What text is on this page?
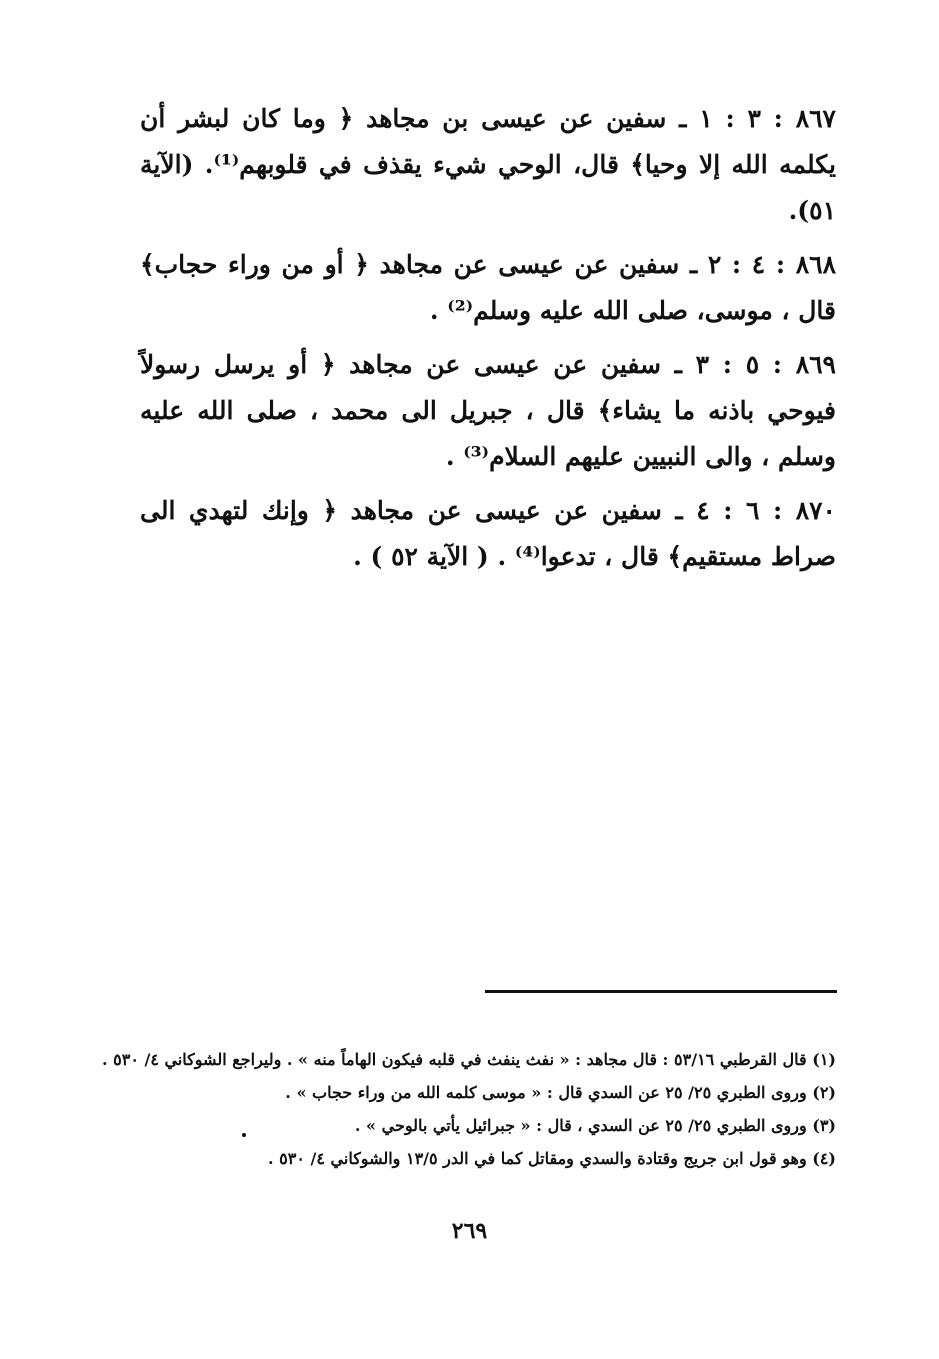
٨٦٧ : ٣ : ١ ـ سفين عن عيسى بن مجاهد ﴿ وما كان لبشر أن يكلمه الله إلا وحيا﴾ قال، الوحي شيء يقذف في قلوبهم⁽¹⁾. (الآية ٥١).

٨٦٨ : ٤ : ٢ ـ سفين عن عيسى عن مجاهد ﴿ أو من وراء حجاب﴾ قال ، موسى، صلى الله عليه وسلم⁽²⁾ .

٨٦٩ : ٥ : ٣ ـ سفين عن عيسى عن مجاهد ﴿ أو يرسل رسولاً فيوحي باذنه ما يشاء﴾ قال ، جبريل الى محمد ، صلى الله عليه وسلم ، والى النبيين عليهم السلام⁽³⁾ .

٨٧٠ : ٦ : ٤ ـ سفين عن عيسى عن مجاهد ﴿ وإنك لتهدي الى صراط مستقيم﴾ قال ، تدعوا⁽⁴⁾ . ( الآية ٥٢ ) .

(١) قال القرطبي ٥٣/١٦ : قال مجاهد : « نفث ينفث في قلبه فيكون الهاماً منه » . وليراجع الشوكاني ٤/ ٥٣٠ .

(٢) وروى الطبري ٢٥/ ٢٥ عن السدي قال : « موسى كلمه الله من وراء حجاب » .

(٣) وروى الطبري ٢٥/ ٢٥ عن السدي ، قال : « جبرائيل يأتي بالوحي » .

(٤) وهو قول ابن جريج وقتادة والسدي ومقاتل كما في الدر ١٣/٥ والشوكاني ٤/ ٥٣٠ .

٢٦٩
